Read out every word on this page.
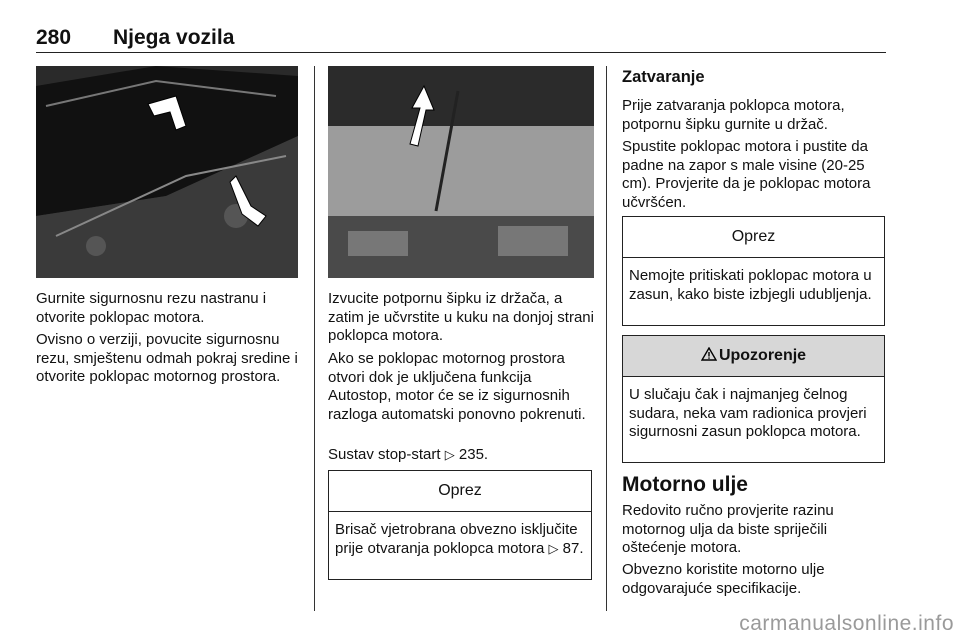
280 Njega vozila

Gurnite sigurnosnu rezu nastranu i otvorite poklopac motora.

Ovisno o verziji, povucite sigurnosnu rezu, smještenu odmah pokraj sredine i otvorite poklopac motornog prostora.

Izvucite potpornu šipku iz držača, a zatim je učvrstite u kuku na donjoj strani poklopca motora.

Ako se poklopac motornog prostora otvori dok je uključena funkcija Autostop, motor će se iz sigurnosnih razloga automatski ponovno pokrenuti.

Sustav stop-start ▷ 235.

Oprez
Brisač vjetrobrana obvezno isključite prije otvaranja poklopca motora ▷ 87.
Zatvaranje

Prije zatvaranja poklopca motora, potpornu šipku gurnite u držač.

Spustite poklopac motora i pustite da padne na zapor s male visine (20-25 cm). Provjerite da je poklopac motora učvršćen.

Oprez
Nemojte pritiskati poklopac motora u zasun, kako biste izbjegli udubljenja.
Upozorenje
U slučaju čak i najmanjeg čelnog sudara, neka vam radionica provjeri sigurnosni zasun poklopca motora.
Motorno ulje

Redovito ručno provjerite razinu motornog ulja da biste spriječili oštećenje motora.

Obvezno koristite motorno ulje odgovarajuće specifikacije.

carmanualsonline.info
